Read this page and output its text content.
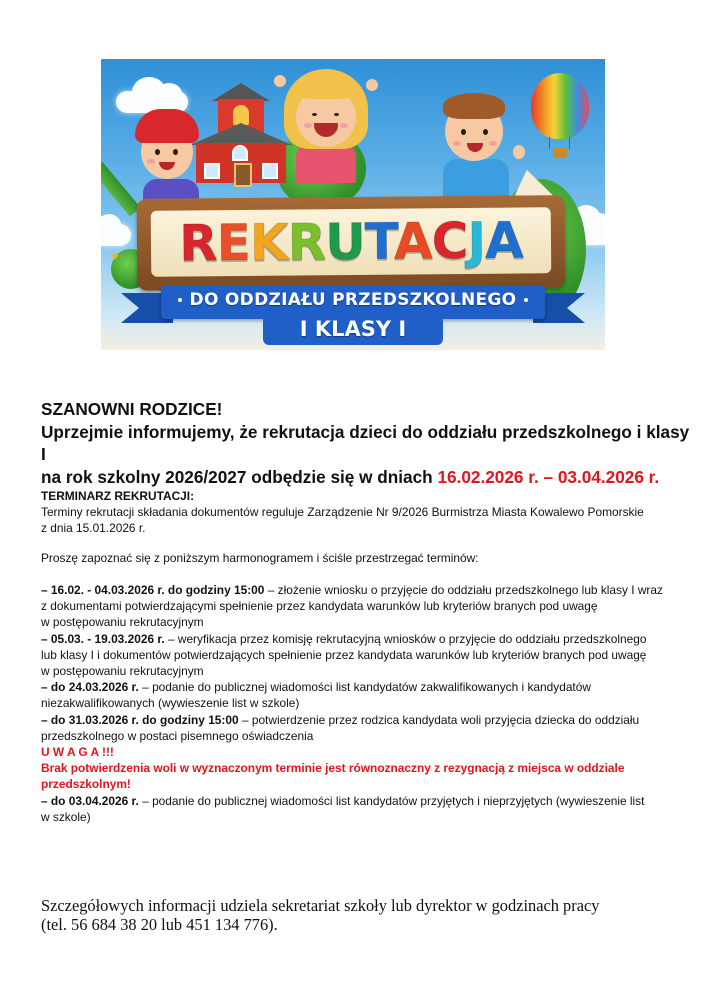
✦
✦	REKRUTACJA
DO ODDZIAŁU PRZEDSZKOLNEGO
I KLASY I
SZANOWNI RODZICE!
Uprzejmie informujemy, że rekrutacja dzieci do oddziału przedszkolnego i klasy I
na rok szkolny 2026/2027 odbędzie się w dniach 16.02.2026 r. – 03.04.2026 r.
TERMINARZ REKRUTACJI:
Terminy rekrutacji składania dokumentów reguluje Zarządzenie Nr 9/2026 Burmistrza Miasta Kowalewo Pomorskie
z dnia 15.01.2026 r.
Proszę zapoznać się z poniższym harmonogramem i ściśle przestrzegać terminów:
– 16.02. - 04.03.2026 r. do godziny 15:00 – złożenie wniosku o przyjęcie do oddziału przedszkolnego lub klasy I wraz
z dokumentami potwierdzającymi spełnienie przez kandydata warunków lub kryteriów branych pod uwagę
w postępowaniu rekrutacyjnym
– 05.03. - 19.03.2026 r. – weryfikacja przez komisję rekrutacyjną wniosków o przyjęcie do oddziału przedszkolnego
lub klasy I i dokumentów potwierdzających spełnienie przez kandydata warunków lub kryteriów branych pod uwagę
w postępowaniu rekrutacyjnym
– do 24.03.2026 r. – podanie do publicznej wiadomości list kandydatów zakwalifikowanych i kandydatów
niezakwalifikowanych (wywieszenie list w szkole)
– do 31.03.2026 r. do godziny 15:00 – potwierdzenie przez rodzica kandydata woli przyjęcia dziecka do oddziału
przedszkolnego w postaci pisemnego oświadczenia
U W A G A !!!
Brak potwierdzenia woli w wyznaczonym terminie jest równoznaczny z rezygnacją z miejsca w oddziale
przedszkolnym!
– do 03.04.2026 r. – podanie do publicznej wiadomości list kandydatów przyjętych i nieprzyjętych (wywieszenie list
w szkole)
Szczegółowych informacji udziela sekretariat szkoły lub dyrektor w godzinach pracy
(tel. 56 684 38 20 lub 451 134 776).
